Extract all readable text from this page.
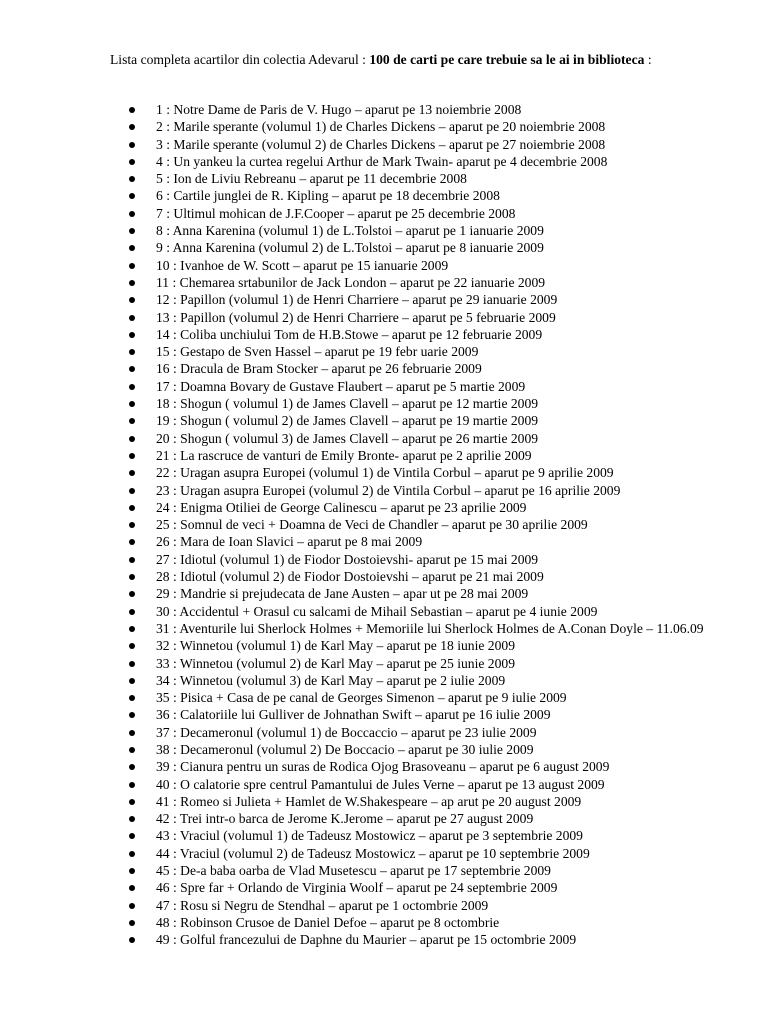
Lista completa acartilor din colectia Adevarul : 100 de carti pe care trebuie sa le ai in biblioteca :
1 : Notre Dame de Paris de V. Hugo – aparut pe 13 noiembrie 2008
2 : Marile sperante (volumul 1) de Charles Dickens – aparut pe 20 noiembrie 2008
3 : Marile sperante (volumul 2) de Charles Dickens – aparut pe 27 noiembrie 2008
4 : Un yankeu la curtea regelui Arthur de Mark Twain- aparut pe 4 decembrie 2008
5 : Ion de Liviu Rebreanu – aparut pe 11 decembrie 2008
6 : Cartile junglei de R. Kipling – aparut pe 18 decembrie 2008
7 : Ultimul mohican de J.F.Cooper – aparut pe 25 decembrie 2008
8 : Anna Karenina (volumul 1) de L.Tolstoi – aparut pe 1 ianuarie 2009
9 : Anna Karenina (volumul 2) de L.Tolstoi – aparut pe 8 ianuarie 2009
10 : Ivanhoe de W. Scott – aparut pe 15 ianuarie 2009
11 : Chemarea srtabunilor de Jack London – aparut pe 22 ianuarie 2009
12 : Papillon (volumul 1) de Henri Charriere – aparut pe 29 ianuarie 2009
13 : Papillon (volumul 2) de Henri Charriere – aparut pe 5 februarie 2009
14 : Coliba unchiului Tom de H.B.Stowe – aparut pe 12 februarie 2009
15 : Gestapo de Sven Hassel – aparut pe 19 febr uarie 2009
16 : Dracula de Bram Stocker – aparut pe 26 februarie 2009
17 : Doamna Bovary de Gustave Flaubert – aparut pe 5 martie 2009
18 : Shogun ( volumul 1) de James Clavell – aparut pe 12 martie 2009
19 : Shogun ( volumul 2) de James Clavell – aparut pe 19 martie 2009
20 : Shogun ( volumul 3) de James Clavell – aparut pe 26 martie 2009
21 : La rascruce de vanturi de Emily Bronte- aparut pe 2 aprilie 2009
22 : Uragan asupra Europei (volumul 1) de Vintila Corbul – aparut pe 9 aprilie 2009
23 : Uragan asupra Europei (volumul 2) de Vintila Corbul – aparut pe 16 aprilie 2009
24 : Enigma Otiliei de George Calinescu – aparut pe 23 aprilie 2009
25 : Somnul de veci + Doamna de Veci de Chandler – aparut pe 30 aprilie 2009
26 : Mara de Ioan Slavici – aparut pe 8 mai 2009
27 : Idiotul (volumul 1) de Fiodor Dostoievshi- aparut pe 15 mai 2009
28 : Idiotul (volumul 2) de Fiodor Dostoievshi – aparut pe 21 mai 2009
29 : Mandrie si prejudecata de Jane Austen – apar ut pe 28 mai 2009
30 : Accidentul + Orasul cu salcami de Mihail Sebastian – aparut pe 4 iunie 2009
31 : Aventurile lui Sherlock Holmes + Memoriile lui Sherlock Holmes de A.Conan Doyle – 11.06.09
32 : Winnetou (volumul 1) de Karl May – aparut pe 18 iunie 2009
33 : Winnetou (volumul 2) de Karl May – aparut pe 25 iunie 2009
34 : Winnetou (volumul 3) de Karl May – aparut pe 2 iulie 2009
35 : Pisica + Casa de pe canal de Georges Simenon – aparut pe 9 iulie 2009
36 : Calatoriile lui Gulliver de Johnathan Swift – aparut pe 16 iulie 2009
37 : Decameronul (volumul 1) de Boccaccio – aparut pe 23 iulie 2009
38 : Decameronul (volumul 2) De Boccacio – aparut pe 30 iulie 2009
39 : Cianura pentru un suras de Rodica Ojog Brasoveanu – aparut pe 6 august 2009
40 : O calatorie spre centrul Pamantului de Jules Verne – aparut pe 13 august 2009
41 : Romeo si Julieta + Hamlet de W.Shakespeare – ap arut pe 20 august 2009
42 : Trei intr-o barca de Jerome K.Jerome – aparut pe 27 august 2009
43 : Vraciul (volumul 1) de Tadeusz Mostowicz – aparut pe 3 septembrie 2009
44 : Vraciul (volumul 2) de Tadeusz Mostowicz – aparut pe 10 septembrie 2009
45 : De-a baba oarba de Vlad Musetescu – aparut pe 17 septembrie 2009
46 : Spre far + Orlando de Virginia Woolf – aparut pe 24 septembrie 2009
47 : Rosu si Negru de Stendhal – aparut pe 1 octombrie 2009
48 : Robinson Crusoe de Daniel Defoe – aparut pe 8 octombrie
49 : Golful francezului de Daphne du Maurier – aparut pe 15 octombrie 2009
